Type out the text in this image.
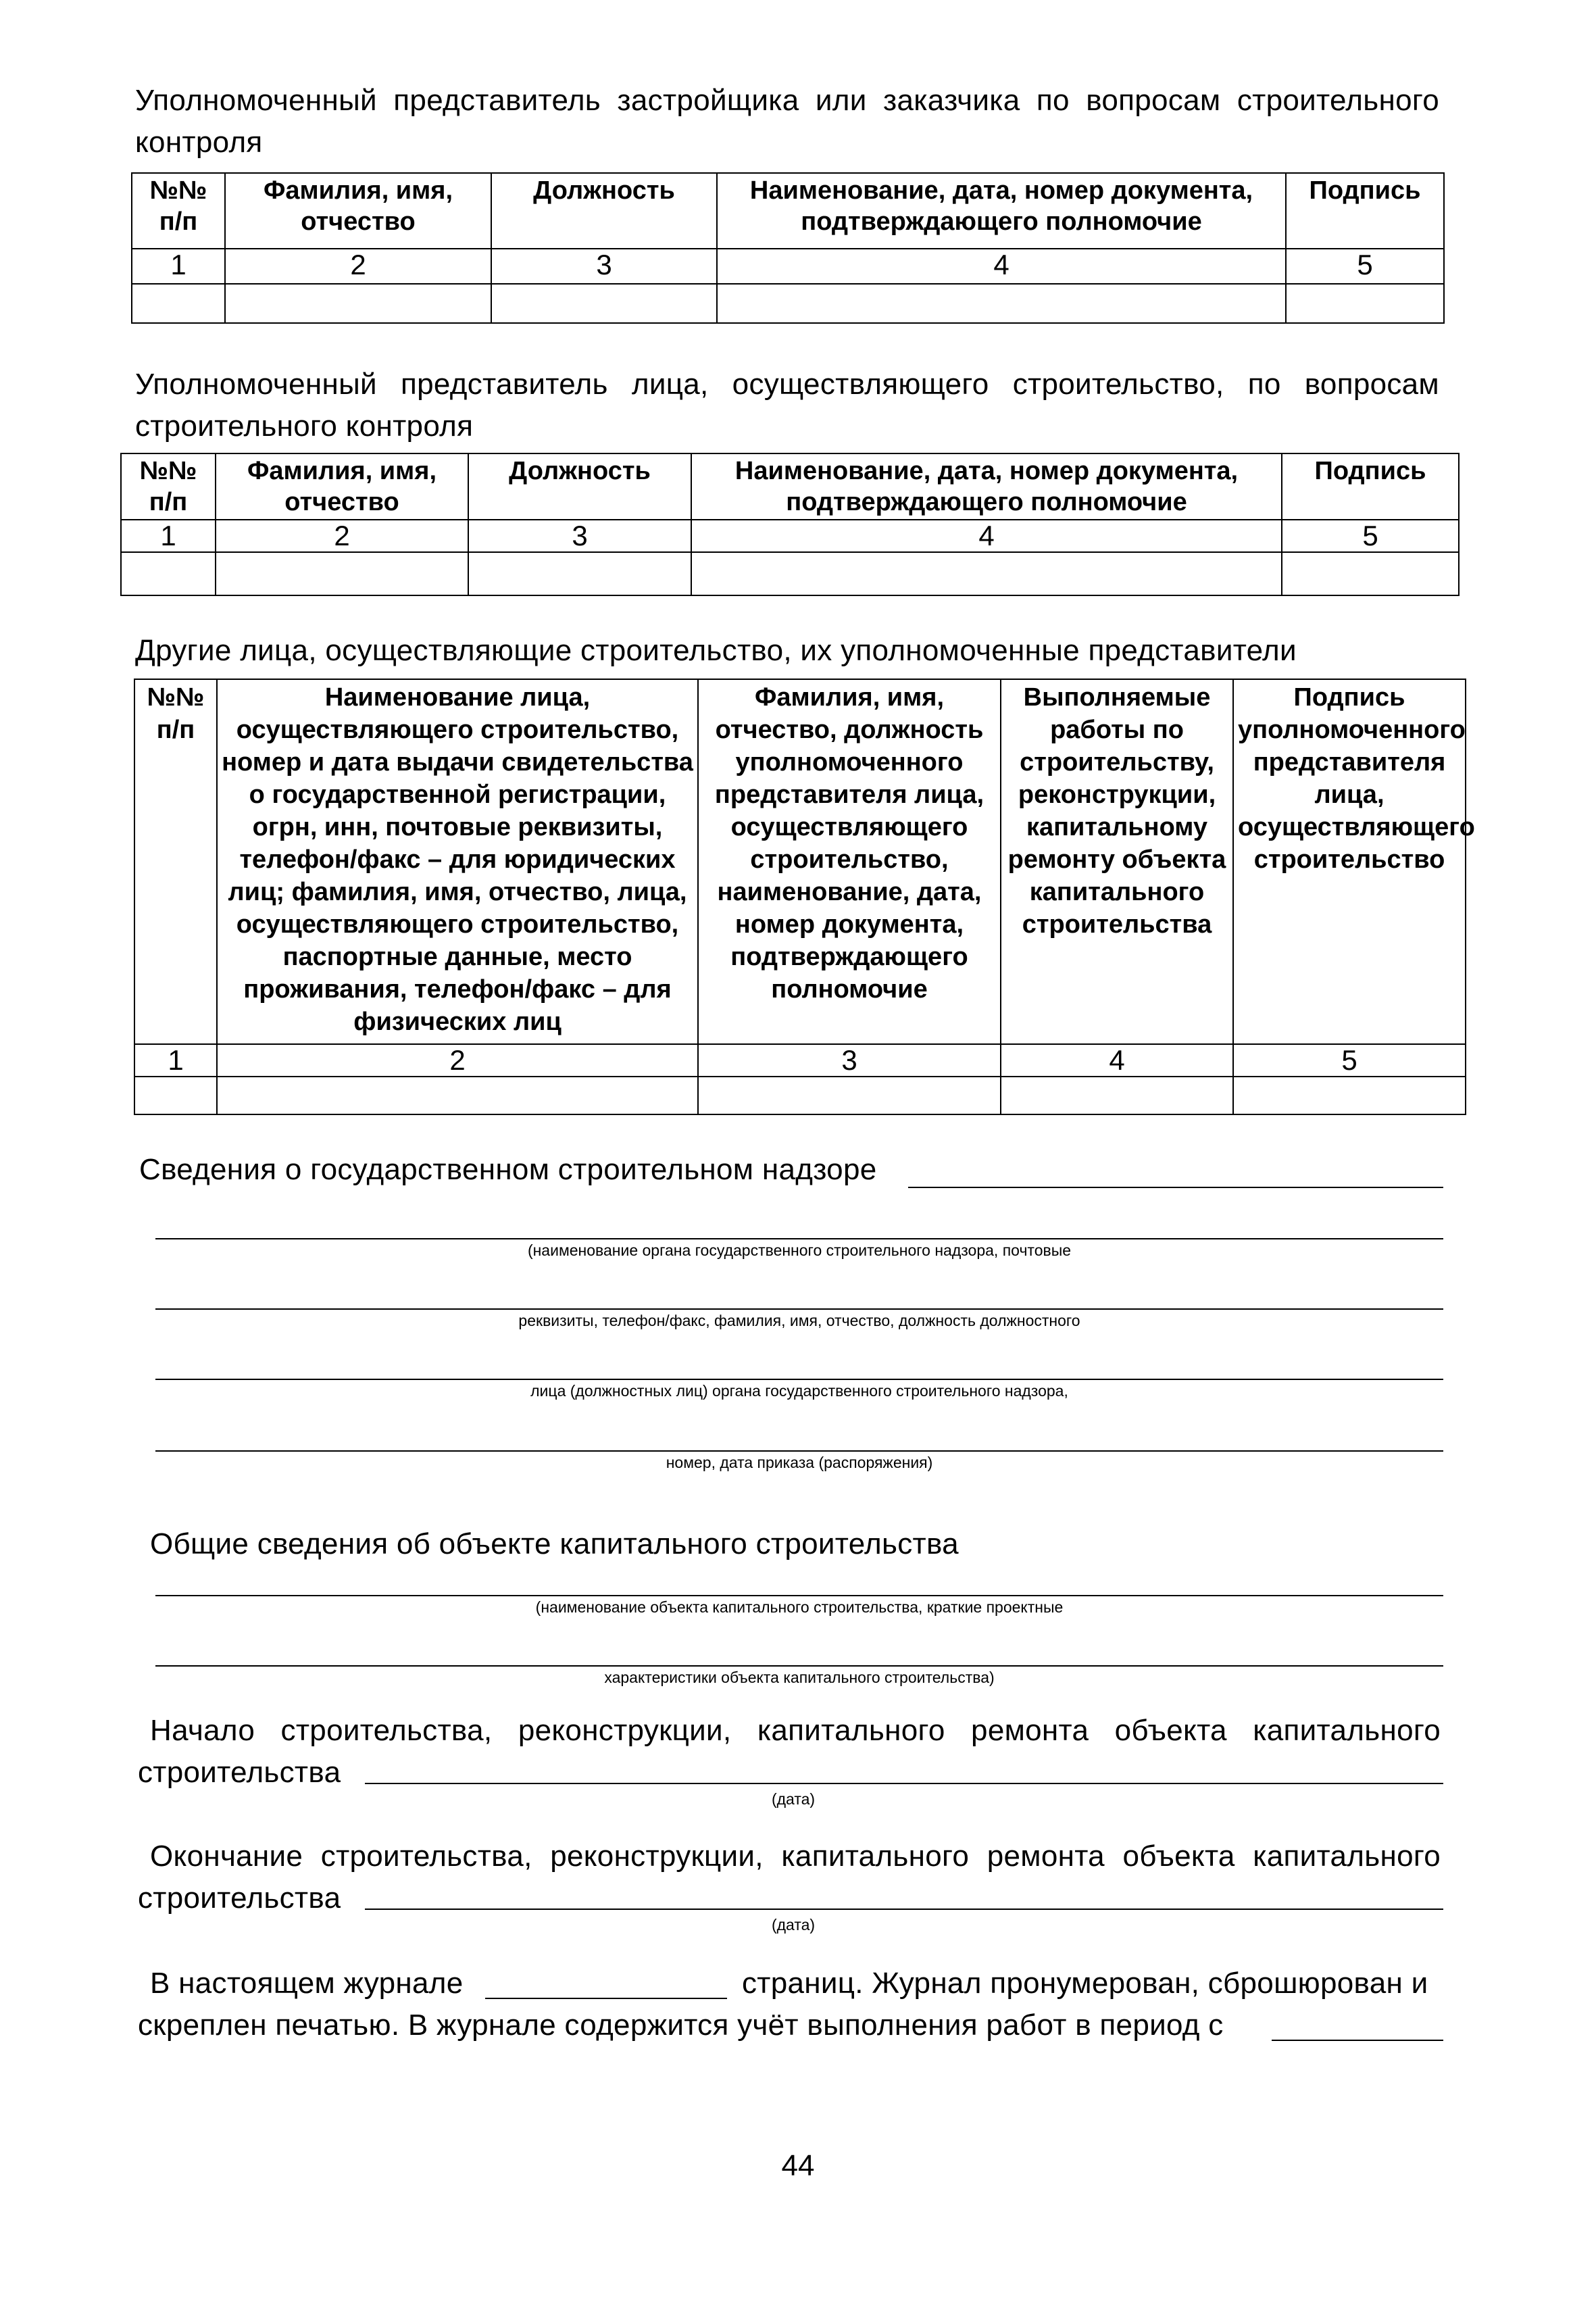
Уполномоченный представитель застройщика или заказчика по вопросам строительного контроля
№№ п/п	Фамилия, имя, отчество	Должность	Наименование, дата, номер документа, подтверждающего полномочие	Подпись
1	2	3	4	5

Уполномоченный представитель лица, осуществляющего строительство, по вопросам строительного контроля
№№ п/п	Фамилия, имя, отчество	Должность	Наименование, дата, номер документа, подтверждающего полномочие	Подпись
1	2	3	4	5

Другие лица, осуществляющие строительство, их уполномоченные представители
№№ п/п	Наименование лица, осуществляющего строительство, номер и дата выдачи свидетельства о государственной регистрации, огрн, инн, почтовые реквизиты, телефон/факс – для юридических лиц; фамилия, имя, отчество, лица, осуществляющего строительство, паспортные данные, место проживания, телефон/факс – для физических лиц	Фамилия, имя, отчество, должность уполномоченного представителя лица, осуществляющего строительство, наименование, дата, номер документа, подтверждающего полномочие	Выполняемые работы по строительству, реконструкции, капитальному ремонту объекта капитального строительства	Подпись уполномоченного представителя лица, осуществляющего строительство
1	2	3	4	5

Сведения о государственном строительном надзоре
(наименование органа государственного строительного надзора, почтовые
реквизиты, телефон/факс, фамилия, имя, отчество, должность должностного
лица (должностных лиц) органа государственного строительного надзора,
номер, дата приказа (распоряжения)
Общие сведения об объекте капитального строительства
(наименование объекта капитального строительства, краткие проектные
характеристики объекта капитального строительства)
Начало строительства, реконструкции, капитального ремонта объекта капитального
строительства
(дата)
Окончание строительства, реконструкции, капитального ремонта объекта капитального
строительства
(дата)
В настоящем журнале	страниц. Журнал пронумерован, сброшюрован и
скреплен печатью. В журнале содержится учёт выполнения работ в период с
44
